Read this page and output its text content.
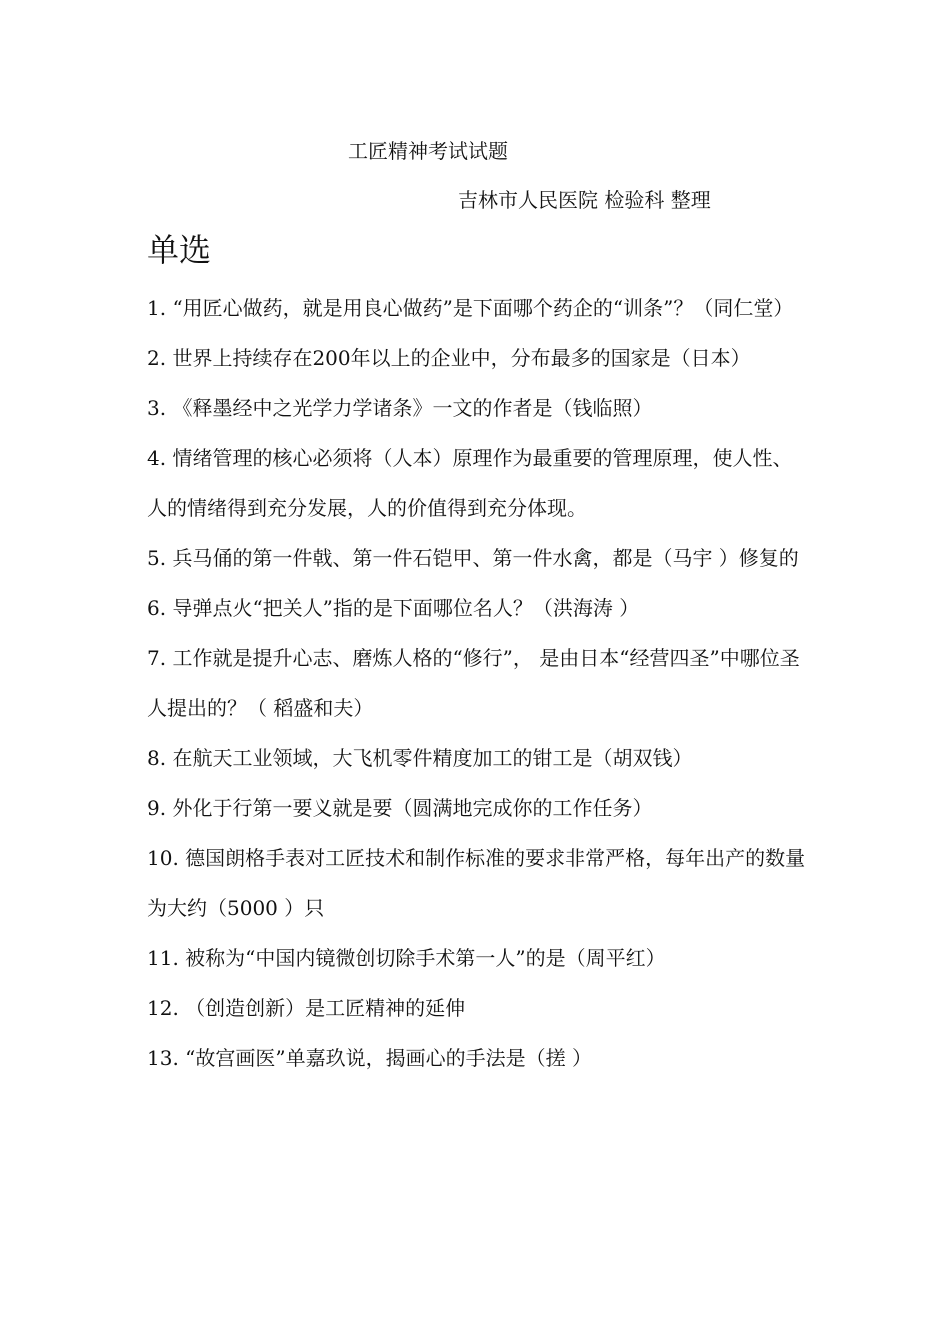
工匠精神考试试题
吉林市人民医院 检验科 整理
单选
1. “用匠心做药，就是用良心做药”是下面哪个药企的“训条”？（同仁堂）
2. 世界上持续存在200年以上的企业中，分布最多的国家是（日本）
3. 《释墨经中之光学力学诸条》一文的作者是（钱临照）
4. 情绪管理的核心必须将（人本）原理作为最重要的管理原理，使人性、人的情绪得到充分发展，人的价值得到充分体现。
5. 兵马俑的第一件戟、第一件石铠甲、第一件水禽，都是（马宇 ）修复的
6. 导弹点火“把关人”指的是下面哪位名人？（洪海涛 ）
7. 工作就是提升心志、磨炼人格的“修行”， 是由日本“经营四圣”中哪位圣人提出的？（ 稻盛和夫）
8. 在航天工业领域，大飞机零件精度加工的钳工是（胡双钱）
9. 外化于行第一要义就是要（圆满地完成你的工作任务）
10. 德国朗格手表对工匠技术和制作标准的要求非常严格，每年出产的数量为大约（5000 ）只
11. 被称为“中国内镜微创切除手术第一人”的是（周平红）
12. （创造创新）是工匠精神的延伸
13. “故宫画医”单嘉玖说，揭画心的手法是（搓 ）
